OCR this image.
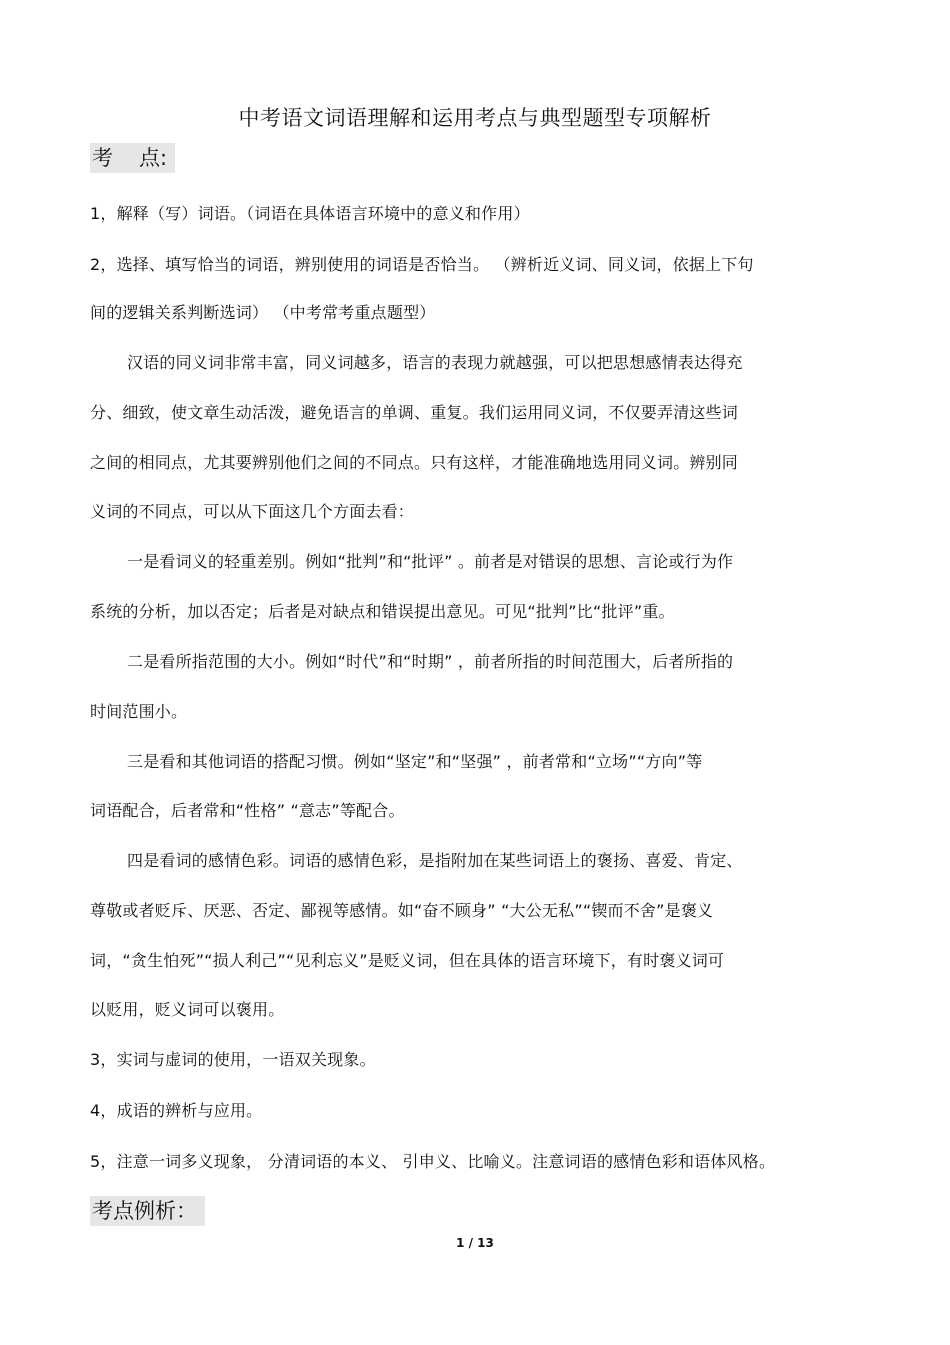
中考语文词语理解和运用考点与典型题型专项解析
考 点:
1，解释（写）词语。（词语在具体语言环境中的意义和作用）
2，选择、填写恰当的词语，辨别使用的词语是否恰当。 （辨析近义词、同义词，依据上下句
间的逻辑关系判断选词） （中考常考重点题型）
汉语的同义词非常丰富，同义词越多，语言的表现力就越强，可以把思想感情表达得充
分、细致，使文章生动活泼，避免语言的单调、重复。我们运用同义词，不仅要弄清这些词
之间的相同点，尤其要辨别他们之间的不同点。只有这样，才能准确地选用同义词。辨别同
义词的不同点，可以从下面这几个方面去看：
一是看词义的轻重差别。例如“批判”和“批评” 。前者是对错误的思想、言论或行为作
系统的分析，加以否定；后者是对缺点和错误提出意见。可见“批判”比“批评”重。
二是看所指范围的大小。例如“时代”和“时期” ，前者所指的时间范围大，后者所指的
时间范围小。
三是看和其他词语的搭配习惯。例如“坚定”和“坚强” ，前者常和“立场”“方向”等
词语配合，后者常和“性格” “意志”等配合。
四是看词的感情色彩。词语的感情色彩，是指附加在某些词语上的褒扬、喜爱、肯定、
尊敬或者贬斥、厌恶、否定、鄙视等感情。如“奋不顾身” “大公无私”“锲而不舍”是褒义
词，“贪生怕死”“损人利己”“见利忘义”是贬义词，但在具体的语言环境下，有时褒义词可
以贬用，贬义词可以褒用。
3，实词与虚词的使用，一语双关现象。
4，成语的辨析与应用。
5，注意一词多义现象， 分清词语的本义、 引申义、比喻义。注意词语的感情色彩和语体风格。
考点例析：
1 / 13
